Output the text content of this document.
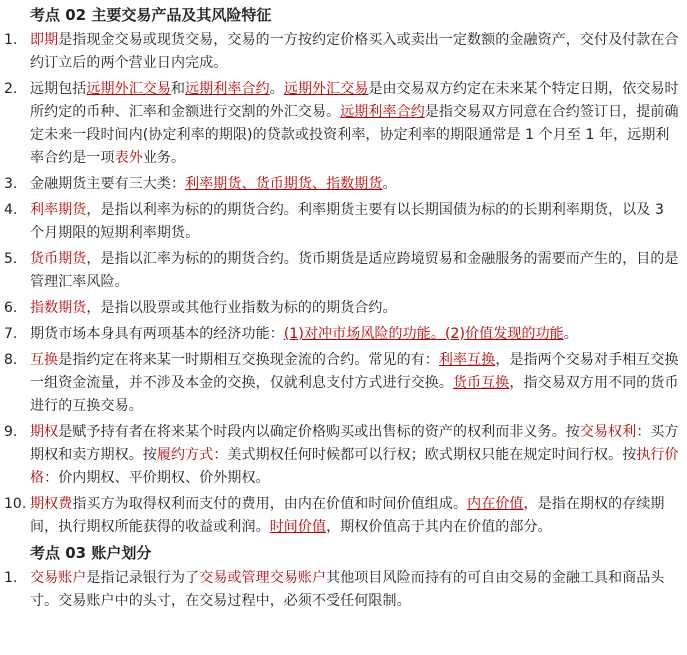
考点 02 主要交易产品及其风险特征
1. 即期是指现金交易或现货交易，交易的一方按约定价格买入或卖出一定数额的金融资产，交付及付款在合约订立后的两个营业日内完成。
2. 远期包括远期外汇交易和远期利率合约。远期外汇交易是由交易双方约定在未来某个特定日期，依交易时所约定的币种、汇率和金额进行交割的外汇交易。远期利率合约是指交易双方同意在合约签订日，提前确定未来一段时间内(协定利率的期限)的贷款或投资利率，协定利率的期限通常是 1 个月至 1 年，远期利率合约是一项表外业务。
3. 金融期货主要有三大类：利率期货、货币期货、指数期货。
4. 利率期货，是指以利率为标的的期货合约。利率期货主要有以长期国债为标的的长期利率期货，以及 3 个月期限的短期利率期货。
5. 货币期货，是指以汇率为标的的期货合约。货币期货是适应跨境贸易和金融服务的需要而产生的，目的是管理汇率风险。
6. 指数期货，是指以股票或其他行业指数为标的的期货合约。
7. 期货市场本身具有两项基本的经济功能：(1)对冲市场风险的功能。(2)价值发现的功能。
8. 互换是指约定在将来某一时期相互交换现金流的合约。常见的有：利率互换，是指两个交易对手相互交换一组资金流量，并不涉及本金的交换，仅就利息支付方式进行交换。货币互换，指交易双方用不同的货币进行的互换交易。
9. 期权是赋予持有者在将来某个时段内以确定价格购买或出售标的资产的权利而非义务。按交易权利：买方期权和卖方期权。按履约方式：美式期权任何时候都可以行权；欧式期权只能在规定时间行权。按执行价格：价内期权、平价期权、价外期权。
10. 期权费指买方为取得权利而支付的费用，由内在价值和时间价值组成。内在价值，是指在期权的存续期间，执行期权所能获得的收益或利润。时间价值，期权价值高于其内在价值的部分。
考点 03 账户划分
1. 交易账户是指记录银行为了交易或管理交易账户其他项目风险而持有的可自由交易的金融工具和商品头寸。交易账户中的头寸，在交易过程中，必须不受任何限制。
